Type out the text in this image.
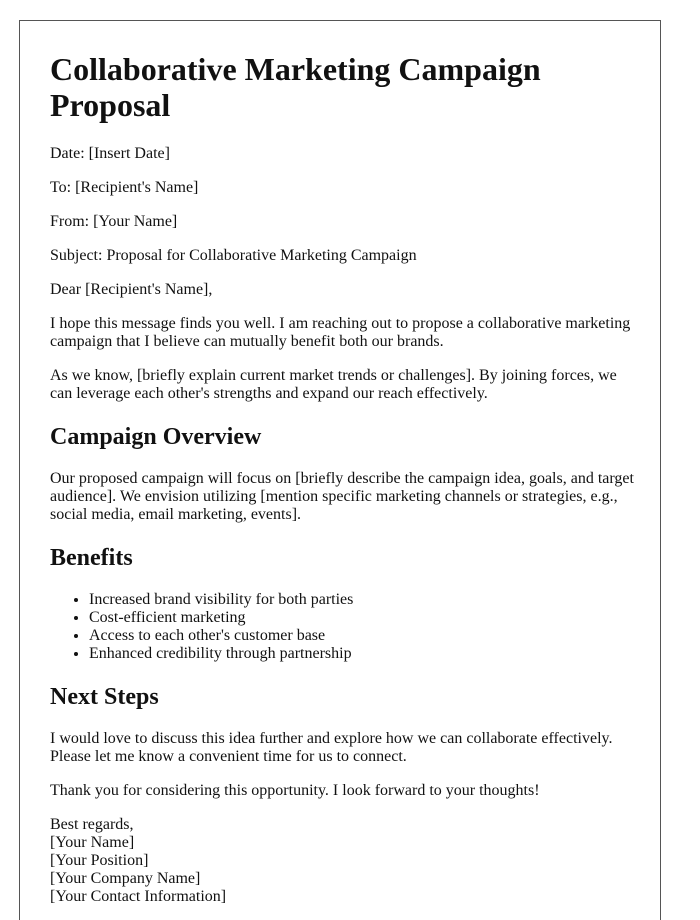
Collaborative Marketing Campaign Proposal

Date: [Insert Date]

To: [Recipient's Name]

From: [Your Name]

Subject: Proposal for Collaborative Marketing Campaign

Dear [Recipient's Name],

I hope this message finds you well. I am reaching out to propose a collaborative marketing campaign that I believe can mutually benefit both our brands.

As we know, [briefly explain current market trends or challenges]. By joining forces, we can leverage each other's strengths and expand our reach effectively.

Campaign Overview

Our proposed campaign will focus on [briefly describe the campaign idea, goals, and target audience]. We envision utilizing [mention specific marketing channels or strategies, e.g., social media, email marketing, events].

Benefits
• Increased brand visibility for both parties
• Cost-efficient marketing
• Access to each other's customer base
• Enhanced credibility through partnership
Next Steps

I would love to discuss this idea further and explore how we can collaborate effectively. Please let me know a convenient time for us to connect.

Thank you for considering this opportunity. I look forward to your thoughts!

Best regards,
[Your Name]
[Your Position]
[Your Company Name]
[Your Contact Information]
